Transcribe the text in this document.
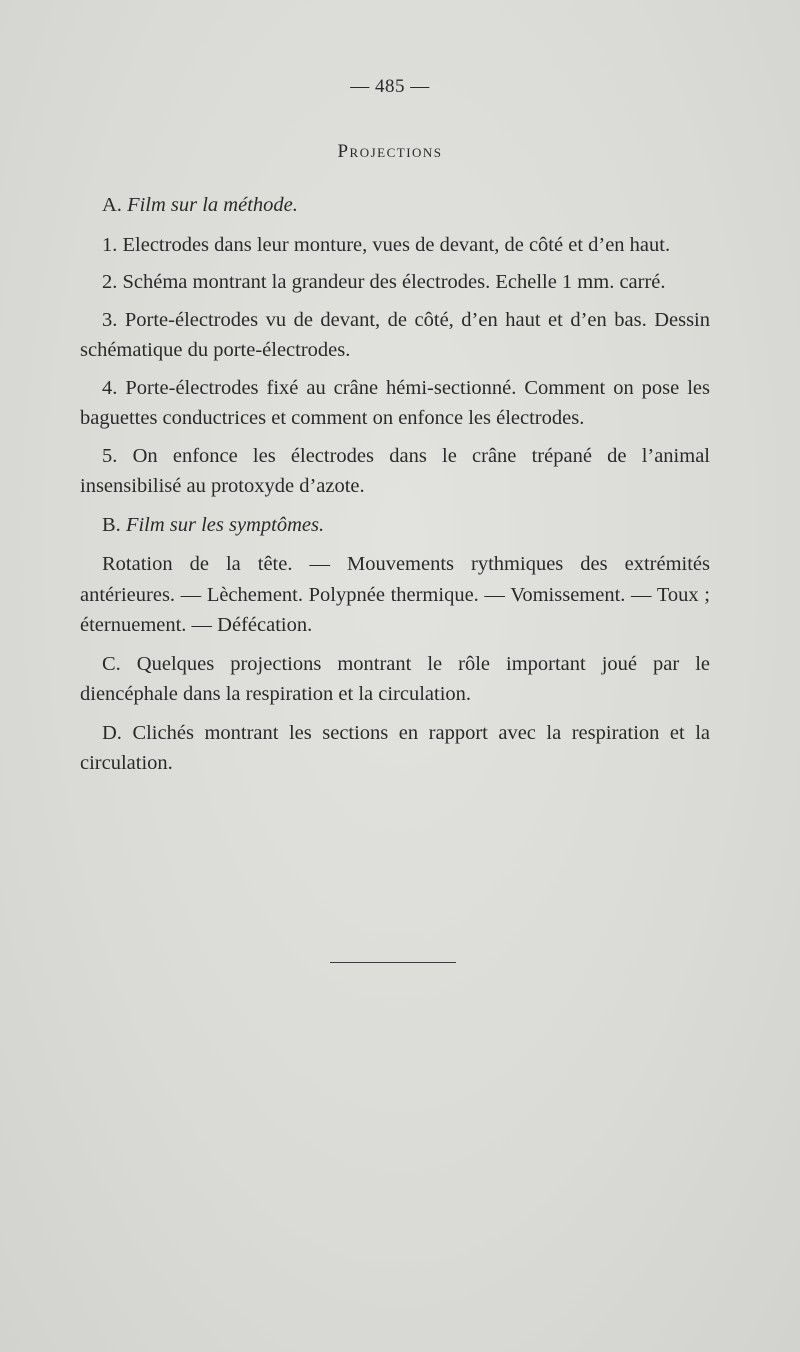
— 485 —
Projections
A. Film sur la méthode.

1. Electrodes dans leur monture, vues de devant, de côté et d’en haut.

2. Schéma montrant la grandeur des électrodes. Echelle 1 mm. carré.

3. Porte-électrodes vu de devant, de côté, d’en haut et d’en bas. Dessin schématique du porte-électrodes.

4. Porte-électrodes fixé au crâne hémi-sectionné. Comment on pose les baguettes conductrices et comment on enfonce les électrodes.

5. On enfonce les électrodes dans le crâne trépané de l’animal insensibilisé au protoxyde d’azote.

B. Film sur les symptômes.

Rotation de la tête. — Mouvements rythmiques des extrémités antérieures. — Lèchement. Polypnée thermique. — Vomissement. — Toux ; éternuement. — Défécation.

C. Quelques projections montrant le rôle important joué par le diencéphale dans la respiration et la circulation.

D. Clichés montrant les sections en rapport avec la respiration et la circulation.
